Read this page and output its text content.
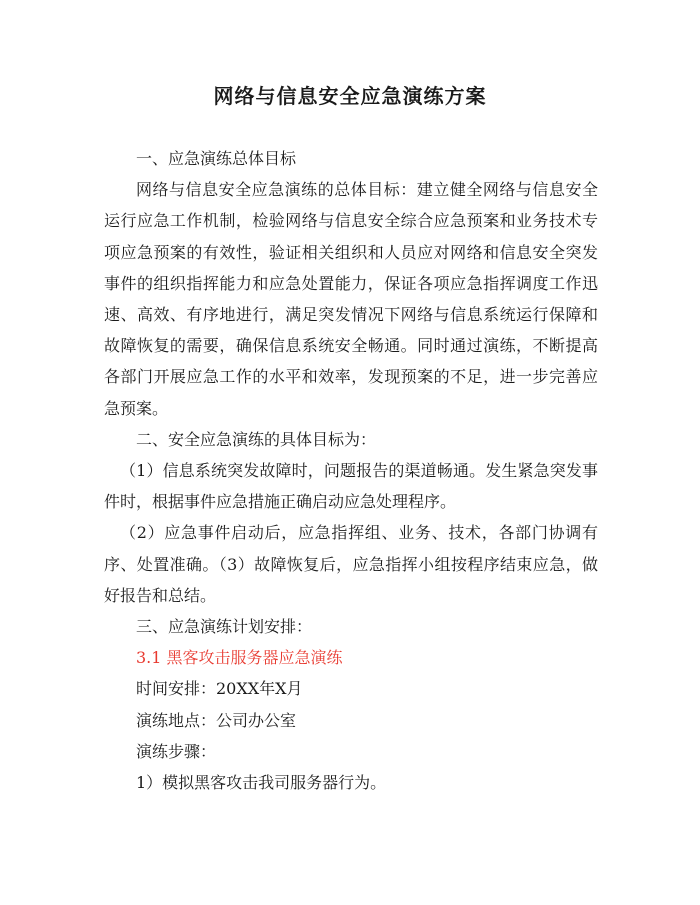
网络与信息安全应急演练方案

一、应急演练总体目标

网络与信息安全应急演练的总体目标：建立健全网络与信息安全运行应急工作机制，检验网络与信息安全综合应急预案和业务技术专项应急预案的有效性，验证相关组织和人员应对网络和信息安全突发事件的组织指挥能力和应急处置能力，保证各项应急指挥调度工作迅速、高效、有序地进行，满足突发情况下网络与信息系统运行保障和故障恢复的需要，确保信息系统安全畅通。同时通过演练，不断提高各部门开展应急工作的水平和效率，发现预案的不足，进一步完善应急预案。

二、安全应急演练的具体目标为：

（1）信息系统突发故障时，问题报告的渠道畅通。发生紧急突发事件时，根据事件应急措施正确启动应急处理程序。

（2）应急事件启动后，应急指挥组、业务、技术，各部门协调有序、处置准确。（3）故障恢复后，应急指挥小组按程序结束应急，做好报告和总结。

三、应急演练计划安排：

3.1 黑客攻击服务器应急演练

时间安排：20XX年X月

演练地点：公司办公室

演练步骤：

1）模拟黑客攻击我司服务器行为。
